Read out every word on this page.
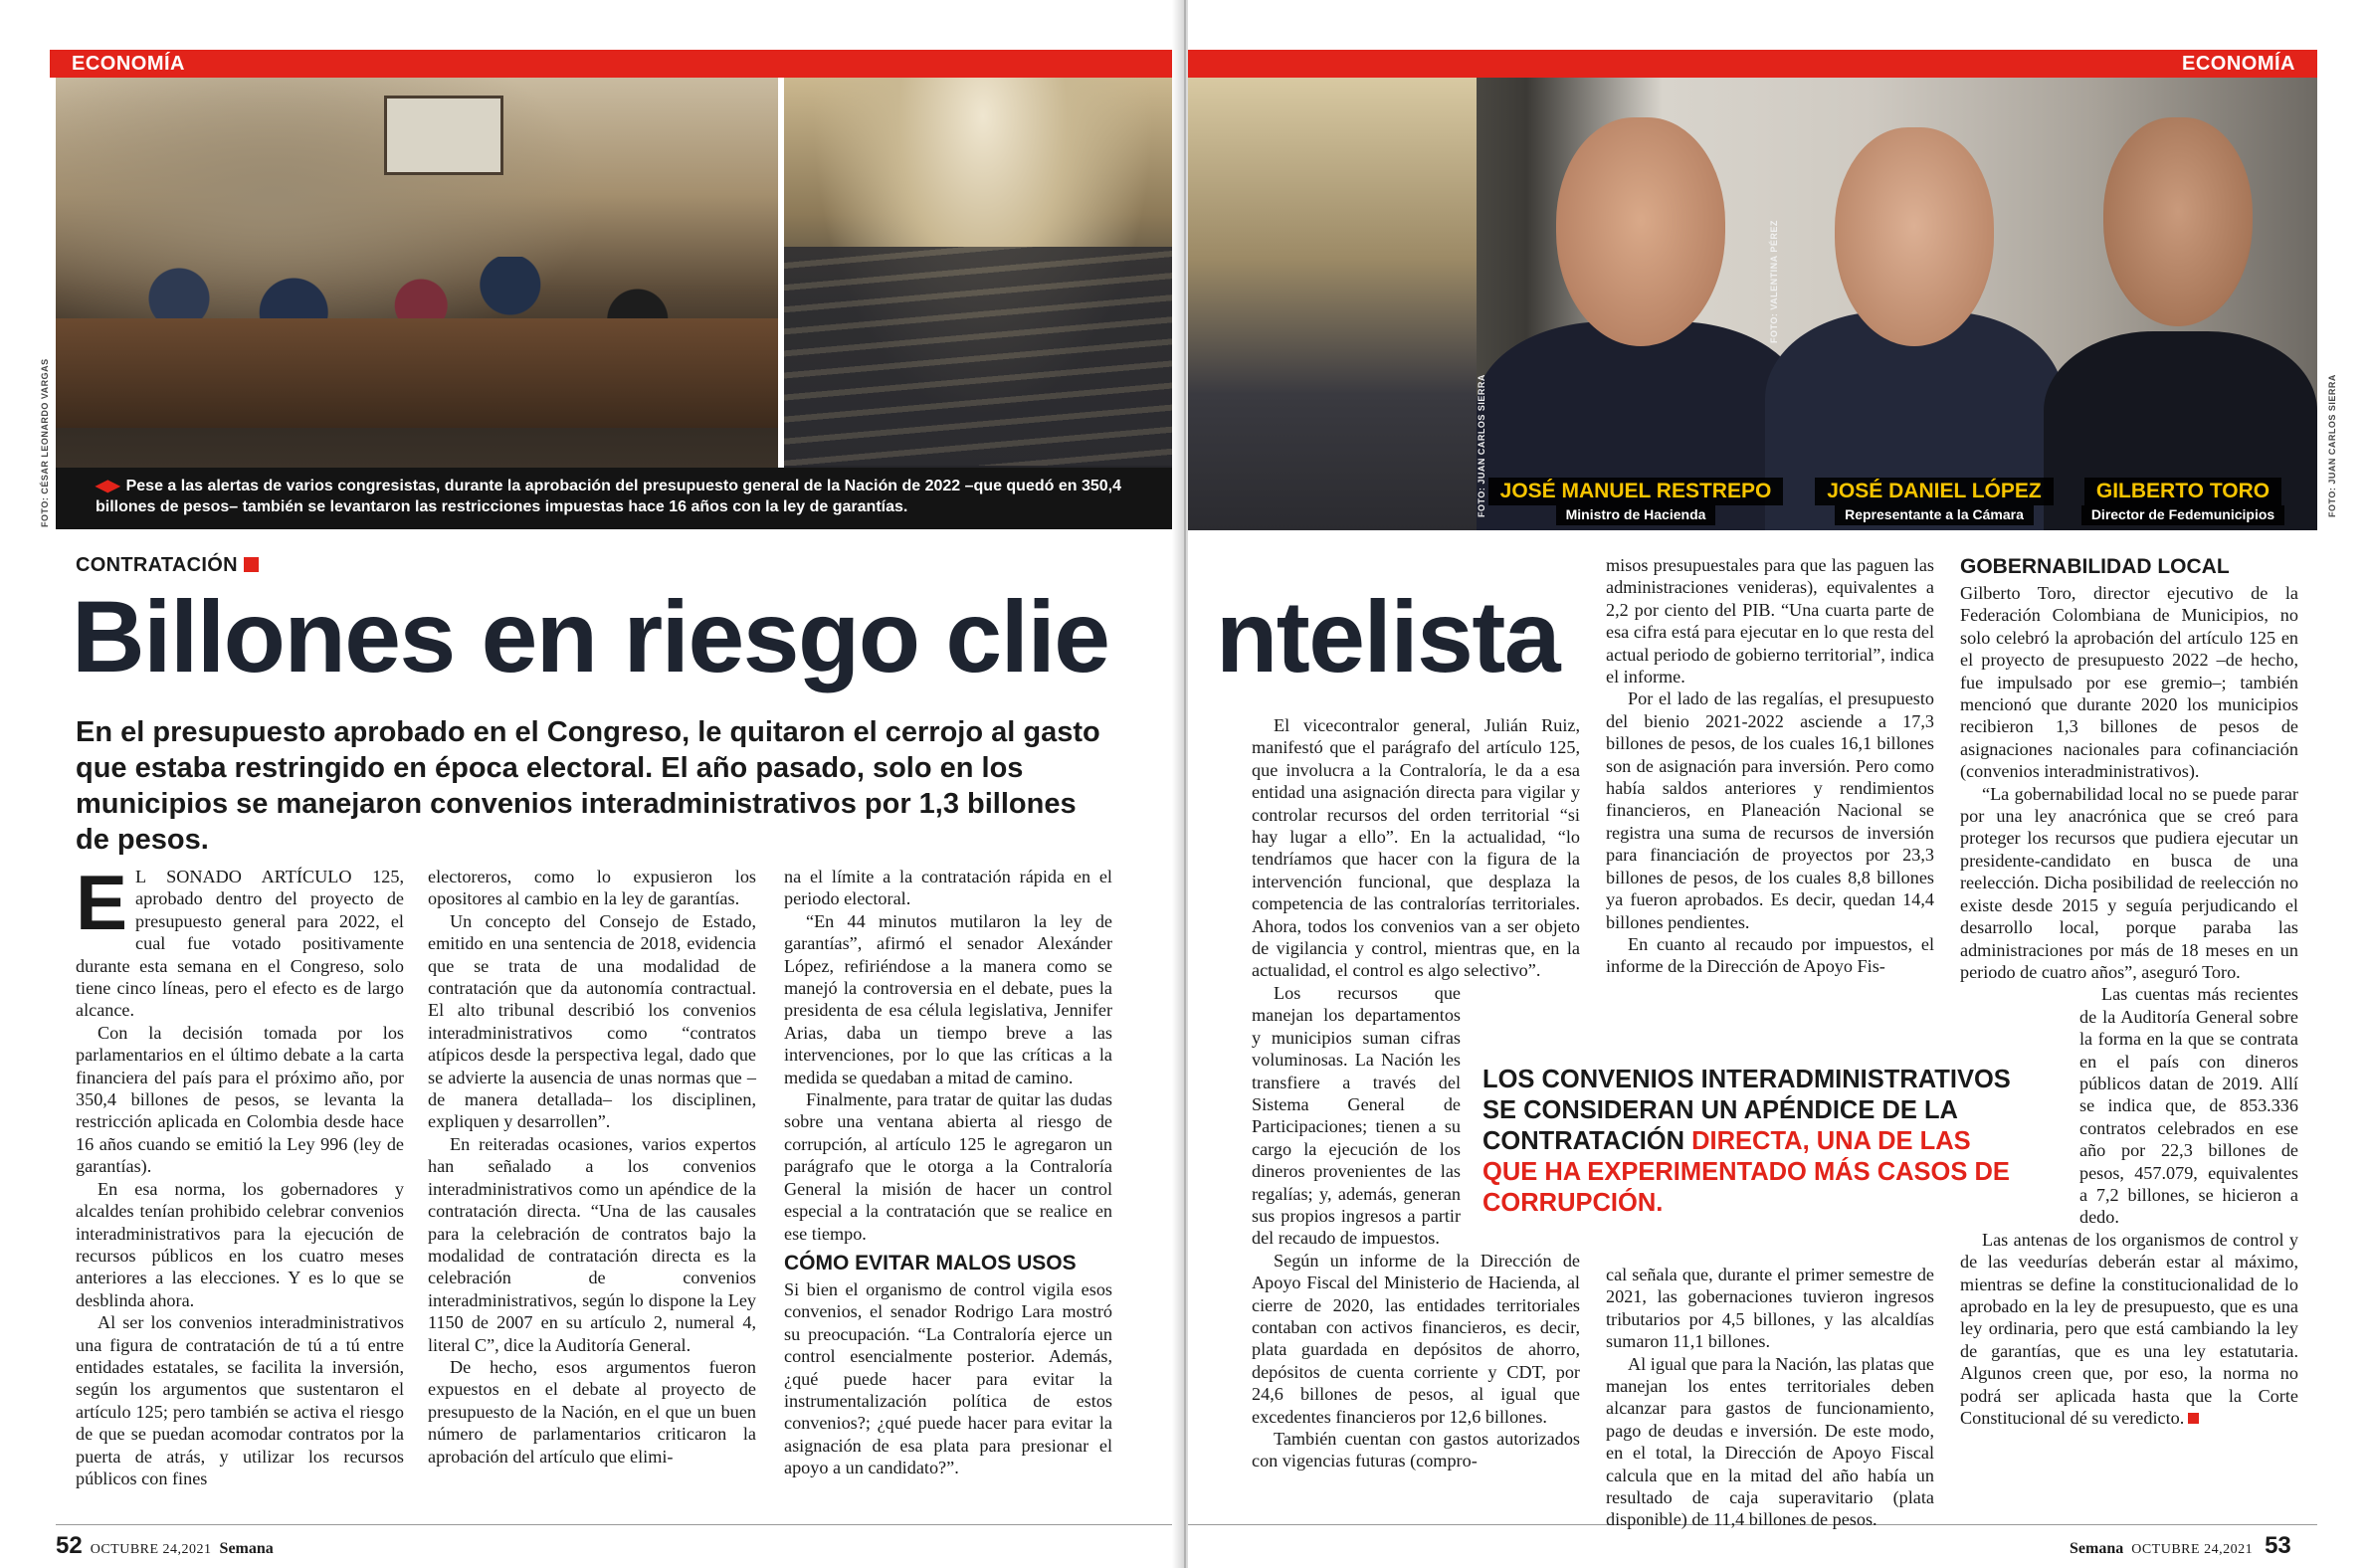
ECONOMÍA
◀▶ Pese a las alertas de varios congresistas, durante la aprobación del presupuesto general de la Nación de 2022 –que quedó en 350,4 billones de pesos– también se levantaron las restricciones impuestas hace 16 años con la ley de garantías.
FOTO: CÉSAR LEONARDO VARGAS
CONTRATACIÓN
Billones en riesgo clie
En el presupuesto aprobado en el Congreso, le quitaron el cerrojo al gasto que estaba restringido en época electoral. El año pasado, solo en los municipios se manejaron convenios interadministrativos por 1,3 billones de pesos.

E L SONADO ARTÍCULO 125, aprobado dentro del proyecto de presupuesto general para 2022, el cual fue votado positivamente durante esta semana en el Congreso, solo tiene cinco líneas, pero el efecto es de largo alcance.

Con la decisión tomada por los parlamentarios en el último debate a la carta financiera del país para el próximo año, por 350,4 billones de pesos, se levanta la restricción aplicada en Colombia desde hace 16 años cuando se emitió la Ley 996 (ley de garantías).

En esa norma, los gobernadores y alcaldes tenían prohibido celebrar convenios interadministrativos para la ejecución de recursos públicos en los cuatro meses anteriores a las elecciones. Y es lo que se desblinda ahora.

Al ser los convenios interadministrativos una figura de contratación de tú a tú entre entidades estatales, se facilita la inversión, según los argumentos que sustentaron el artículo 125; pero también se activa el riesgo de que se puedan acomodar contratos por la puerta de atrás, y utilizar los recursos públicos con fines

electoreros, como lo expusieron los opositores al cambio en la ley de garantías.

Un concepto del Consejo de Estado, emitido en una sentencia de 2018, evidencia que se trata de una modalidad de contratación que da autonomía contractual. El alto tribunal describió los convenios interadministrativos como “contratos atípicos desde la perspectiva legal, dado que se advierte la ausencia de unas normas que –de manera detallada– los disciplinen, expliquen y desarrollen”.

En reiteradas ocasiones, varios expertos han señalado a los convenios interadministrativos como un apéndice de la contratación directa. “Una de las causales para la celebración de contratos bajo la modalidad de contratación directa es la celebración de convenios interadministrativos, según lo dispone la Ley 1150 de 2007 en su artículo 2, numeral 4, literal C”, dice la Auditoría General.

De hecho, esos argumentos fueron expuestos en el debate al proyecto de presupuesto de la Nación, en el que un buen número de parlamentarios criticaron la aprobación del artículo que elimi-

na el límite a la contratación rápida en el periodo electoral.

“En 44 minutos mutilaron la ley de garantías”, afirmó el senador Alexánder López, refiriéndose a la manera como se manejó la controversia en el debate, pues la presidenta de esa célula legislativa, Jennifer Arias, daba un tiempo breve a las intervenciones, por lo que las críticas a la medida se quedaban a mitad de camino.

Finalmente, para tratar de quitar las dudas sobre una ventana abierta al riesgo de corrupción, al artículo 125 le agregaron un parágrafo que le otorga a la Contraloría General la misión de hacer un control especial a la contratación que se realice en ese tiempo.

CÓMO EVITAR MALOS USOS

Si bien el organismo de control vigila esos convenios, el senador Rodrigo Lara mostró su preocupación. “La Contraloría ejerce un control esencialmente posterior. Además, ¿qué puede hacer para evitar la instrumentalización política de estos convenios?; ¿qué puede hacer para evitar la asignación de esa plata para presionar el apoyo a un candidato?”.

52 OCTUBRE 24,2021 Semana
ECONOMÍA
FOTO: JUAN CARLOS SIERRA
FOTO: VALENTINA PÉREZ
FOTO: JUAN CARLOS SIERRA
JOSÉ MANUEL RESTREPO
Ministro de Hacienda
JOSÉ DANIEL LÓPEZ
Representante a la Cámara
GILBERTO TORO
Director de Fedemunicipios
Semana OCTUBRE 24,2021 53
ntelista

El vicecontralor general, Julián Ruiz, manifestó que el parágrafo del artículo 125, que involucra a la Contraloría, le da a esa entidad una asignación directa para vigilar y controlar recursos del orden territorial “si hay lugar a ello”. En la actualidad, “lo tendríamos que hacer con la figura de la intervención funcional, que desplaza la competencia de las contralorías territoriales. Ahora, todos los convenios van a ser objeto de vigilancia y control, mientras que, en la actualidad, el control es algo selectivo”.

Los recursos que manejan los departamentos y municipios suman cifras voluminosas. La Nación les transfiere a través del Sistema General de Participaciones; tienen a su cargo la ejecución de los dineros provenientes de las regalías; y, además, generan sus propios ingresos a partir del recaudo de impuestos.

Según un informe de la Dirección de Apoyo Fiscal del Ministerio de Hacienda, al cierre de 2020, las entidades territoriales contaban con activos financieros, es decir, plata guardada en depósitos de ahorro, depósitos de cuenta corriente y CDT, por 24,6 billones de pesos, al igual que excedentes financieros por 12,6 billones.

También cuentan con gastos autorizados con vigencias futuras (compro-

misos presupuestales para que las paguen las administraciones venideras), equivalentes a 2,2 por ciento del PIB. “Una cuarta parte de esa cifra está para ejecutar en lo que resta del actual periodo de gobierno territorial”, indica el informe.

Por el lado de las regalías, el presupuesto del bienio 2021-2022 asciende a 17,3 billones de pesos, de los cuales 16,1 billones son de asignación para inversión. Pero como había saldos anteriores y rendimientos financieros, en Planeación Nacional se registra una suma de recursos de inversión para financiación de proyectos por 23,3 billones de pesos, de los cuales 8,8 billones ya fueron aprobados. Es decir, quedan 14,4 billones pendientes.

En cuanto al recaudo por impuestos, el informe de la Dirección de Apoyo Fis-

LOS CONVENIOS INTERADMINISTRATIVOS SE CONSIDERAN UN APÉNDICE DE LA CONTRATACIÓN DIRECTA, UNA DE LAS QUE HA EXPERIMENTADO MÁS CASOS DE CORRUPCIÓN.

cal señala que, durante el primer semestre de 2021, las gobernaciones tuvieron ingresos tributarios por 4,5 billones, y las alcaldías sumaron 11,1 billones.

Al igual que para la Nación, las platas que manejan los entes territoriales deben alcanzar para gastos de funcionamiento, pago de deudas e inversión. De este modo, en el total, la Dirección de Apoyo Fiscal calcula que en la mitad del año había un resultado de caja superavitario (plata disponible) de 11,4 billones de pesos.

GOBERNABILIDAD LOCAL

Gilberto Toro, director ejecutivo de la Federación Colombiana de Municipios, no solo celebró la aprobación del artículo 125 en el proyecto de presupuesto 2022 –de hecho, fue impulsado por ese gremio–; también mencionó que durante 2020 los municipios recibieron 1,3 billones de pesos de asignaciones nacionales para cofinanciación (convenios interadministrativos).

“La gobernabilidad local no se puede parar por una ley anacrónica que se creó para proteger los recursos que pudiera ejecutar un presidente-candidato en busca de una reelección. Dicha posibilidad de reelección no existe desde 2015 y seguía perjudicando el desarrollo local, porque paraba las administraciones por más de 18 meses en un periodo de cuatro años”, aseguró Toro.

Las cuentas más recientes de la Auditoría General sobre la forma en la que se contrata en el país con dineros públicos datan de 2019. Allí se indica que, de 853.336 contratos celebrados en ese año por 22,3 billones de pesos, 457.079, equivalentes a 7,2 billones, se hicieron a dedo.

Las antenas de los organismos de control y de las veedurías deberán estar al máximo, mientras se define la constitucionalidad de lo aprobado en la ley de presupuesto, que es una ley ordinaria, pero que está cambiando la ley de garantías, que es una ley estatutaria. Algunos creen que, por eso, la norma no podrá ser aplicada hasta que la Corte Constitucional dé su veredicto.
